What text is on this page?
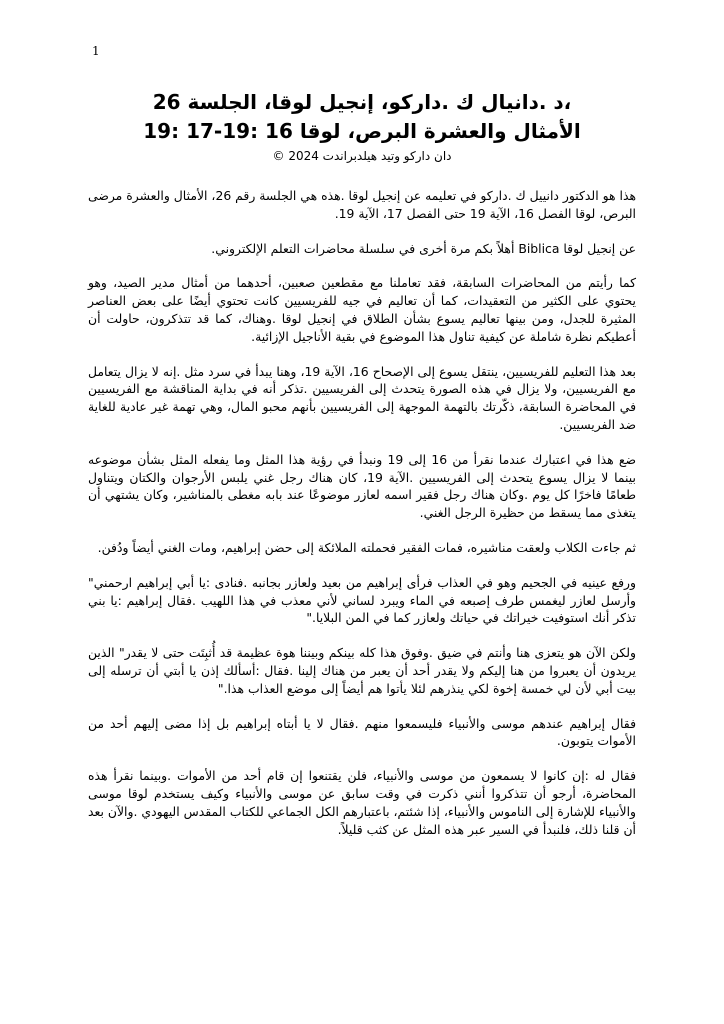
1
،د .دانيال ك .داركو، إنجيل لوقا، الجلسة 26
الأمثال والعشرة البرص، لوقا 16 :19-17 :19

دان داركو وتيد هيلدبراندت 2024 ©

هذا هو الدكتور دانييل ك .داركو في تعليمه عن إنجيل لوقا .هذه هي الجلسة رقم 26، الأمثال والعشرة مرضى البرص، لوقا الفصل 16، الآية 19 حتى الفصل 17، الآية 19.

عن إنجيل لوقا Biblica أهلاً بكم مرة أخرى في سلسلة محاضرات التعلم الإلكتروني.

كما رأيتم من المحاضرات السابقة، فقد تعاملنا مع مقطعين صعبين، أحدهما من أمثال مدير الصيد، وهو يحتوي على الكثير من التعقيدات، كما أن تعاليم في جيه للفريسيين كانت تحتوي أيضًا على بعض العناصر المثيرة للجدل، ومن بينها تعاليم يسوع بشأن الطلاق في إنجيل لوقا .وهناك، كما قد تتذكرون، حاولت أن أعطيكم نظرة شاملة عن كيفية تناول هذا الموضوع في بقية الأناجيل الإزائية.

بعد هذا التعليم للفريسيين، ينتقل يسوع إلى الإصحاح 16، الآية 19، وهنا يبدأ في سرد مثل .إنه لا يزال يتعامل مع الفريسيين، ولا يزال في هذه الصورة يتحدث إلى الفريسيين .تذكر أنه في بداية المناقشة مع الفريسيين في المحاضرة السابقة، ذكّرتك بالتهمة الموجهة إلى الفريسيين بأنهم محبو المال، وهي تهمة غير عادية للغاية ضد الفريسيين.

ضع هذا في اعتبارك عندما نقرأ من 16 إلى 19 ونبدأ في رؤية هذا المثل وما يفعله المثل بشأن موضوعه بينما لا يزال يسوع يتحدث إلى الفريسيين .الآية 19، كان هناك رجل غني يلبس الأرجوان والكتان ويتناول طعامًا فاخرًا كل يوم .وكان هناك رجل فقير اسمه لعازر موضوعًا عند بابه مغطى بالمناشير، وكان يشتهي أن يتغذى مما يسقط من حظيرة الرجل الغني.

ثم جاءت الكلاب ولعقت مناشيره، فمات الفقير فحملته الملائكة إلى حضن إبراهيم، ومات الغني أيضاً ودُفن.

ورفع عينيه في الجحيم وهو في العذاب فرأى إبراهيم من بعيد ولعازر بجانبه .فنادى :يا أبي إبراهيم ارحمني" وأرسل لعازر ليغمس طرف إصبعه في الماء ويبرد لساني لأني معذب في هذا اللهيب .فقال إبراهيم :يا بني تذكر أنك استوفيت خيراتك في حياتك ولعازر كما في المن البلايا."

ولكن الآن هو يتعزى هنا وأنتم في ضيق .وفوق هذا كله بينكم وبيننا هوة عظيمة قد أُثبِتَت حتى لا يقدر" الذين يريدون أن يعبروا من هنا إليكم ولا يقدر أحد أن يعبر من هناك إلينا .فقال :أسألك إذن يا أبتي أن ترسله إلى بيت أبي لأن لي خمسة إخوة لكي ينذرهم لئلا يأتوا هم أيضاً إلى موضع العذاب هذا."

فقال إبراهيم عندهم موسى والأنبياء فليسمعوا منهم .فقال لا يا أبتاه إبراهيم بل إذا مضى إليهم أحد من الأموات يتوبون.

فقال له :إن كانوا لا يسمعون من موسى والأنبياء، فلن يقتنعوا إن قام أحد من الأموات .وبينما نقرأ هذه المحاضرة، أرجو أن تتذكروا أنني ذكرت في وقت سابق عن موسى والأنبياء وكيف يستخدم لوقا موسى والأنبياء للإشارة إلى الناموس والأنبياء، إذا شئتم، باعتبارهم الكل الجماعي للكتاب المقدس اليهودي .والآن بعد أن قلنا ذلك، فلنبدأ في السير عبر هذه المثل عن كثب قليلاً.
